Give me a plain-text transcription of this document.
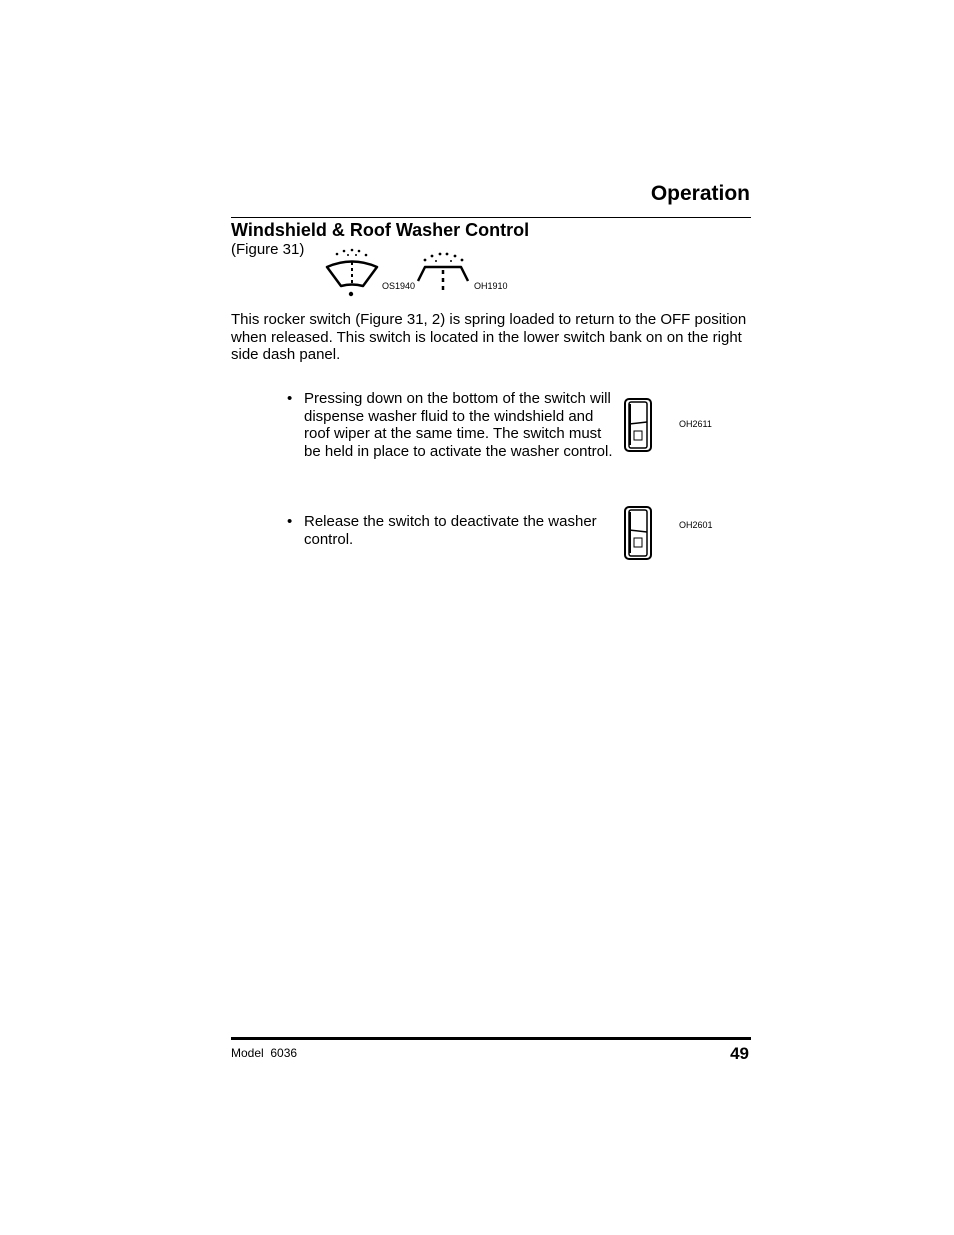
Operation
Windshield & Roof Washer Control
(Figure 31)
OS1940	OH1910

This rocker switch (Figure 31, 2) is spring loaded to return to the OFF position when released. This switch is located in the lower switch bank on on the right side dash panel.

• Pressing down on the bottom of the switch will dispense washer fluid to the windshield and roof wiper at the same time. The switch must be held in place to activate the washer control.

OH2611
• Release the switch to deactivate the washer control.

OH2601
Model  6036	49
